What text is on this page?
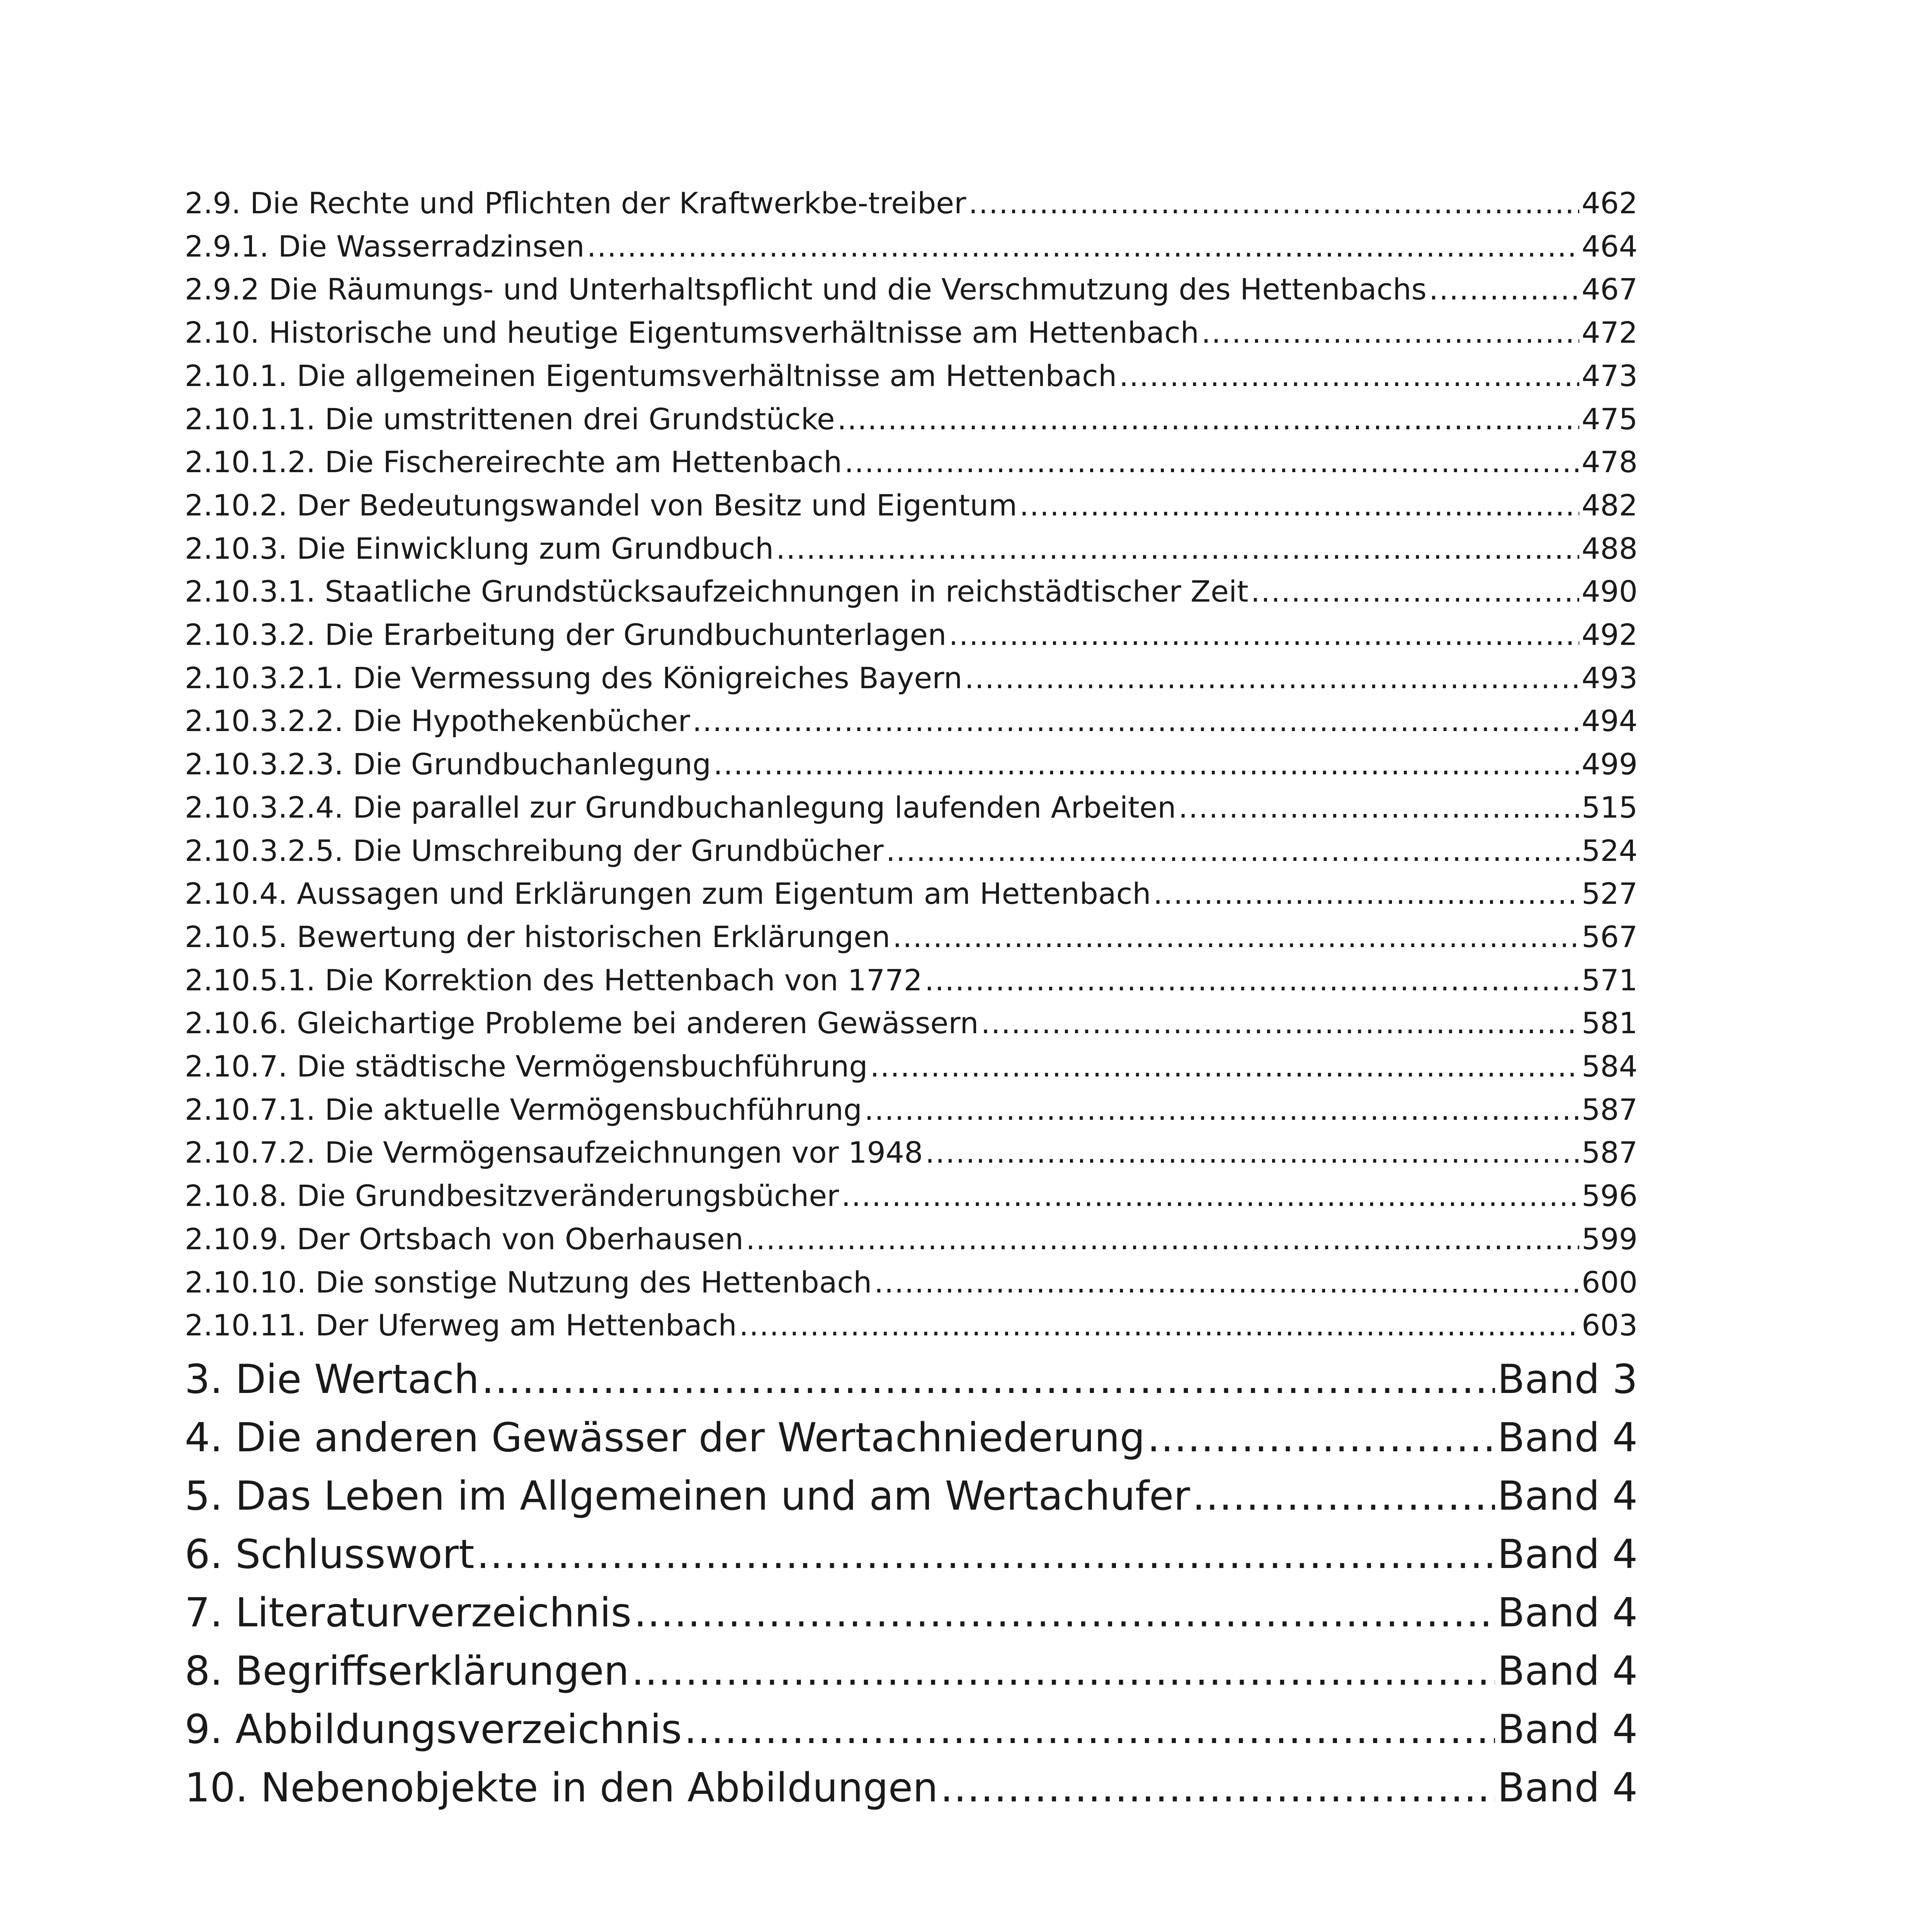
2.9. Die Rechte und Pflichten der Kraftwerkbe-treiber .....	462
2.9.1. Die Wasserradzinsen .....	464
2.9.2 Die Räumungs- und Unterhaltspflicht und die Verschmutzung des Hettenbachs .....	467
2.10. Historische und heutige Eigentumsverhältnisse am Hettenbach .....	472
2.10.1. Die allgemeinen Eigentumsverhältnisse am Hettenbach .....	473
2.10.1.1. Die umstrittenen drei Grundstücke .....	475
2.10.1.2. Die Fischereirechte am Hettenbach .....	478
2.10.2. Der Bedeutungswandel von Besitz und Eigentum .....	482
2.10.3. Die Einwicklung zum Grundbuch .....	488
2.10.3.1. Staatliche Grundstücksaufzeichnungen in reichstädtischer Zeit .....	490
2.10.3.2. Die Erarbeitung der Grundbuchunterlagen .....	492
2.10.3.2.1. Die Vermessung des Königreiches Bayern .....	493
2.10.3.2.2. Die Hypothekenbücher .....	494
2.10.3.2.3. Die Grundbuchanlegung .....	499
2.10.3.2.4. Die parallel zur Grundbuchanlegung laufenden Arbeiten .....	515
2.10.3.2.5. Die Umschreibung der Grundbücher .....	524
2.10.4. Aussagen und Erklärungen zum Eigentum am Hettenbach .....	527
2.10.5. Bewertung der historischen Erklärungen .....	567
2.10.5.1. Die Korrektion des Hettenbach von 1772 .....	571
2.10.6. Gleichartige Probleme bei anderen Gewässern .....	581
2.10.7. Die städtische Vermögensbuchführung .....	584
2.10.7.1. Die aktuelle Vermögensbuchführung .....	587
2.10.7.2. Die Vermögensaufzeichnungen vor 1948 .....	587
2.10.8. Die Grundbesitzveränderungsbücher .....	596
2.10.9. Der Ortsbach von Oberhausen .....	599
2.10.10. Die sonstige Nutzung des Hettenbach .....	600
2.10.11. Der Uferweg am Hettenbach .....	603
3. Die Wertach .....	Band 3
4. Die anderen Gewässer der Wertachniederung .....	Band 4
5. Das Leben im Allgemeinen und am Wertachufer .....	Band 4
6. Schlusswort .....	Band 4
7. Literaturverzeichnis .....	Band 4
8. Begriffserklärungen .....	Band 4
9. Abbildungsverzeichnis .....	Band 4
10. Nebenobjekte in den Abbildungen .....	Band 4
